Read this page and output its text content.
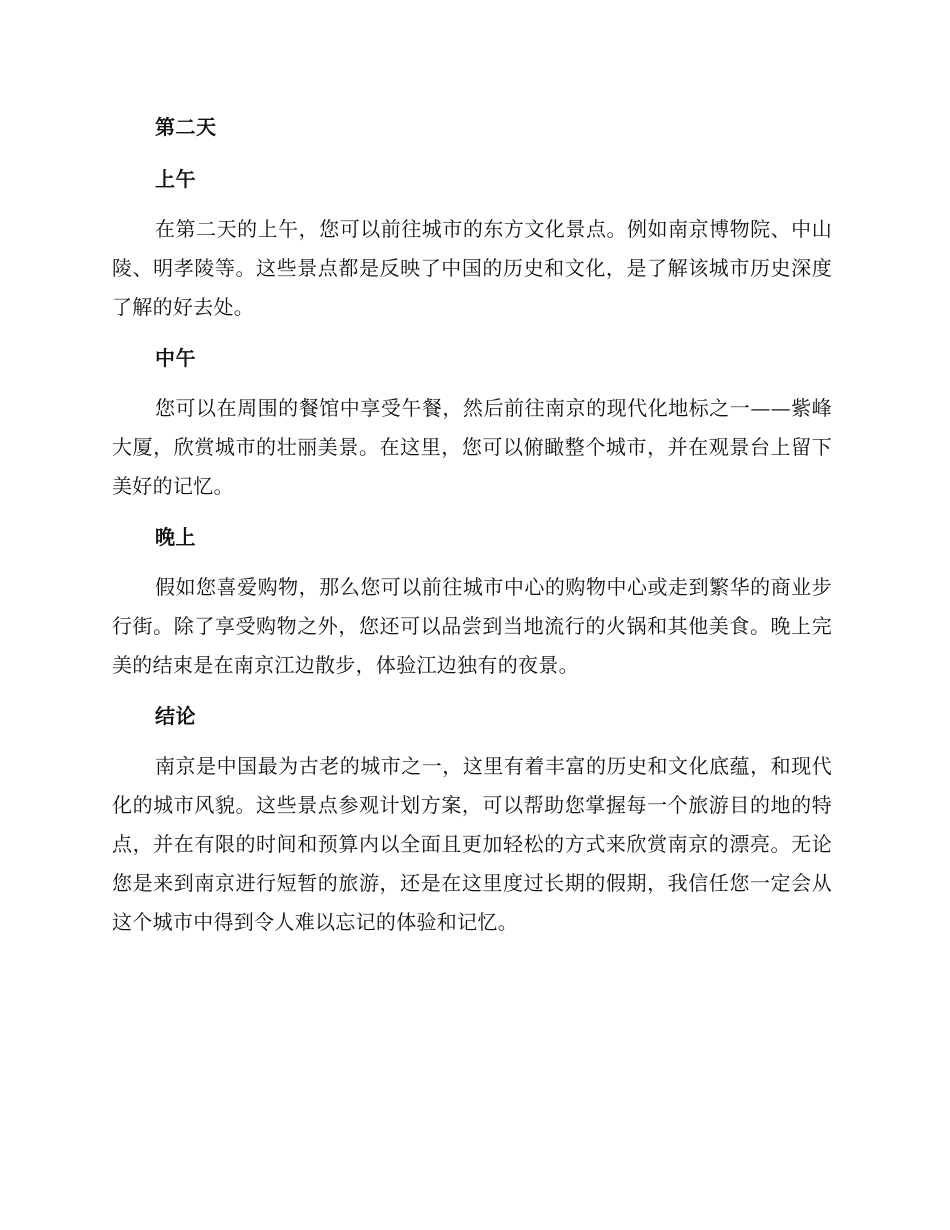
第二天
上午

在第二天的上午，您可以前往城市的东方文化景点。例如南京博物院、中山陵、明孝陵等。这些景点都是反映了中国的历史和文化，是了解该城市历史深度了解的好去处。

中午

您可以在周围的餐馆中享受午餐，然后前往南京的现代化地标之一——紫峰大厦，欣赏城市的壮丽美景。在这里，您可以俯瞰整个城市，并在观景台上留下美好的记忆。

晚上

假如您喜爱购物，那么您可以前往城市中心的购物中心或走到繁华的商业步行街。除了享受购物之外，您还可以品尝到当地流行的火锅和其他美食。晚上完美的结束是在南京江边散步，体验江边独有的夜景。

结论

南京是中国最为古老的城市之一，这里有着丰富的历史和文化底蕴，和现代化的城市风貌。这些景点参观计划方案，可以帮助您掌握每一个旅游目的地的特点，并在有限的时间和预算内以全面且更加轻松的方式来欣赏南京的漂亮。无论您是来到南京进行短暂的旅游，还是在这里度过长期的假期，我信任您一定会从这个城市中得到令人难以忘记的体验和记忆。
